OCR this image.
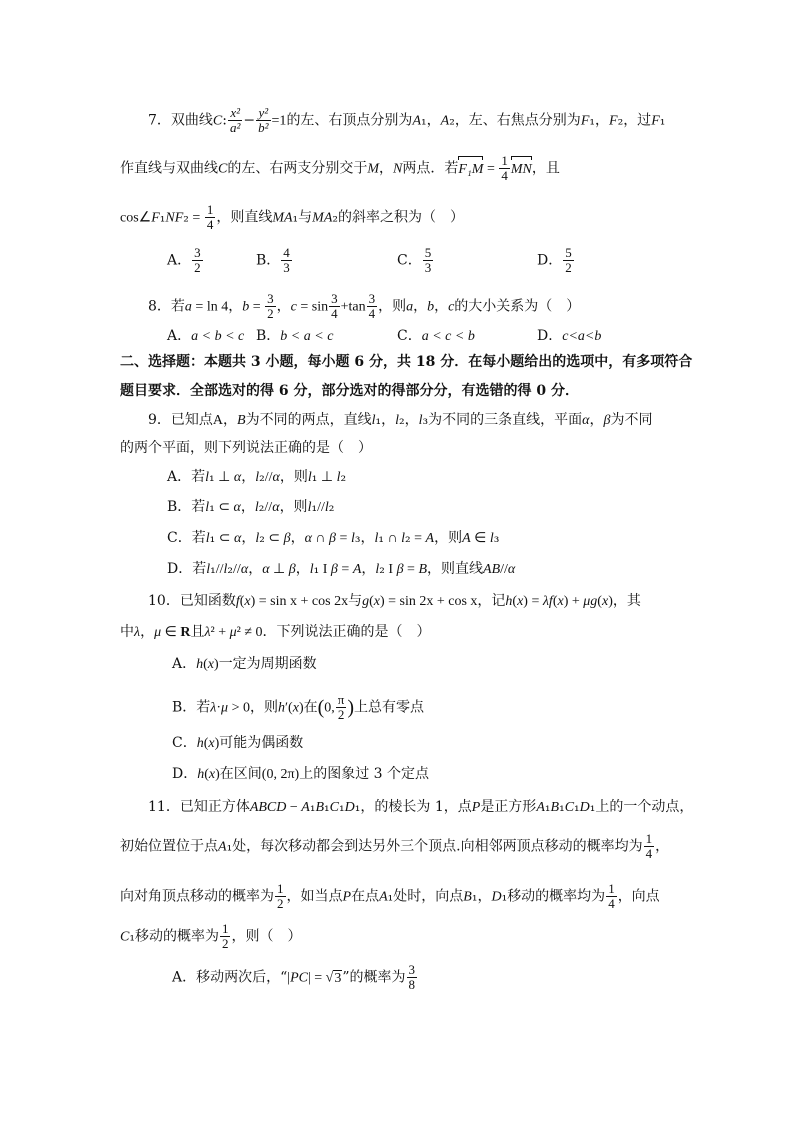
7．双曲线C: $\frac{\text{x²}}{\text{a²}} - \frac{\text{y²}}{\text{b²}} =1$的左、右顶点分别为A₁，A₂，左、右焦点分别为F₁，F₂，过F₁
作直线与双曲线C的左、右两支分别交于M，N两点．若$F_1M = \frac{1}{4}$ MN，且
cos∠F₁NF₂ = $\frac{1}{4}$ ，则直线MA₁与MA₂的斜率之积为（　）
A． $\frac{3}{2}$	B． $\frac{4}{3}$	C． $\frac{5}{3}$	D． $\frac{5}{2}$
8．若a = ln 4，$b = \frac{3}{2}$ ，$c = \sin \frac{3}{4} +\tan \frac{3}{4}$ ，则a，b，c的大小关系为（　）
A．a < b < c B．b < a < c	C．a < c < b	D．c<a<b
二、选择题：本题共 3 小题，每小题 6 分，共 18 分．在每小题给出的选项中，有多项符合
题目要求．全部选对的得 6 分，部分选对的得部分分，有选错的得 0 分．
9．已知点A，B为不同的两点，直线l₁，l₂，l₃为不同的三条直线，平面α，β为不同
的两个平面，则下列说法正确的是（　）
A．若l₁ ⊥ α，l₂//α，则l₁ ⊥ l₂
B．若l₁ ⊂ α，l₂//α，则l₁//l₂
C．若l₁ ⊂ α，l₂ ⊂ β，α ∩ β = l₃，l₁ ∩ l₂ = A，则A ∈ l₃
D．若l₁//l₂//α，α ⊥ β，l₁ I β = A，l₂ I β = B，则直线AB//α
10．已知函数f(x) = sin x + cos 2x与g(x) = sin 2x + cos x，记h(x) = λf(x) + μg(x)，其
中λ，μ ∈ R且λ² + μ² ≠ 0．下列说法正确的是（　）
A．h(x)一定为周期函数
B．若λ·μ > 0，则h′(x)在(0, $\frac{\pi}{2}$ )上总有零点
C．h(x)可能为偶函数
D．h(x)在区间(0, 2π)上的图象过 3 个定点
11．已知正方体ABCD − A₁B₁C₁D₁，的棱长为 1，点P是正方形A₁B₁C₁D₁上的一个动点，
初始位置位于点A₁处，每次移动都会到达另外三个顶点.向相邻两顶点移动的概率均为 $\frac{1}{4}$ ，
向对角顶点移动的概率为 $\frac{1}{2}$ ，如当点P在点A₁处时，向点B₁，D₁移动的概率均为 $\frac{1}{4}$ ，向点
C₁移动的概率为 $\frac{1}{2}$ ，则（　）
A．移动两次后，“|PC| = √3”的概率为 $\frac{3}{8}$
